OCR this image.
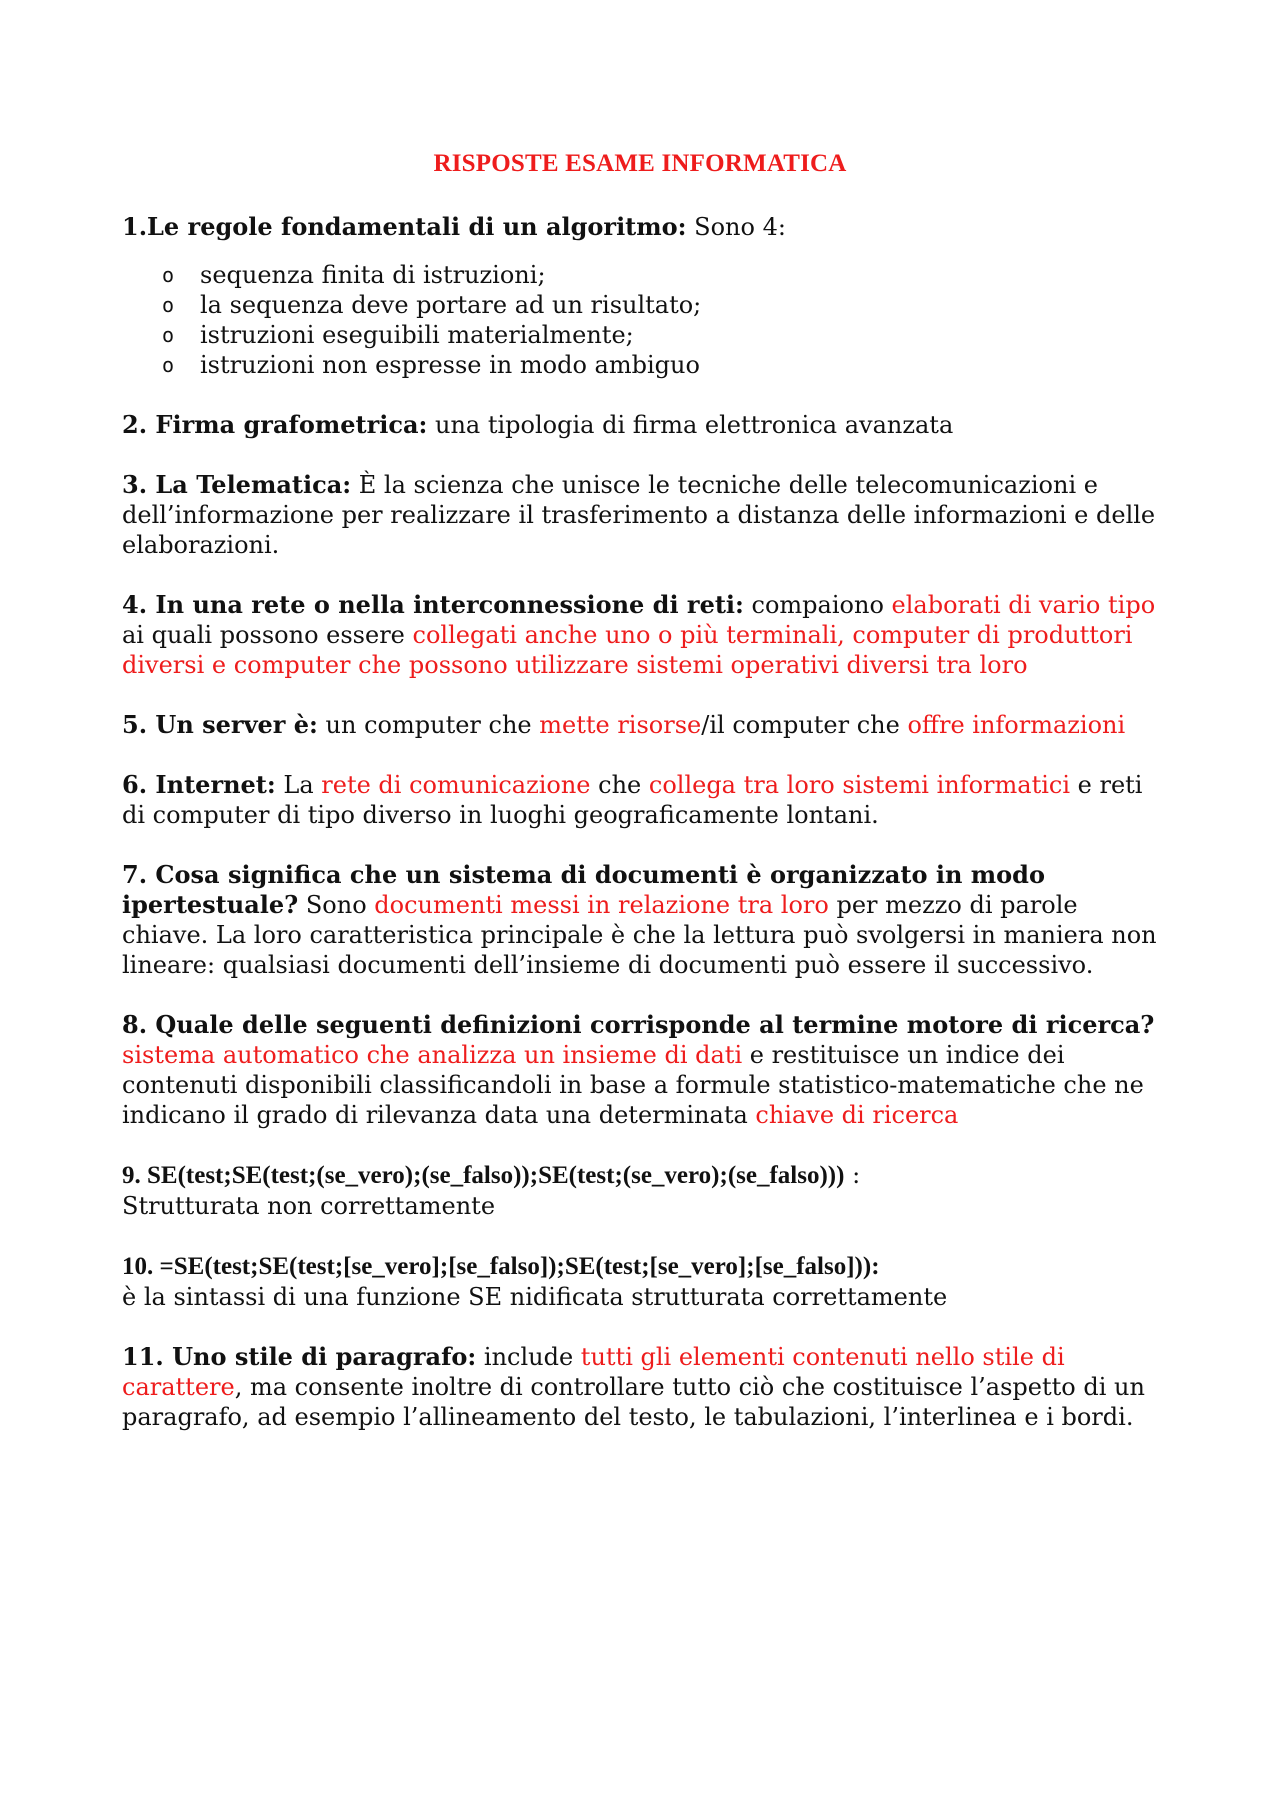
RISPOSTE ESAME INFORMATICA

1.Le regole fondamentali di un algoritmo: Sono 4:

o sequenza finita di istruzioni;
o la sequenza deve portare ad un risultato;
o istruzioni eseguibili materialmente;
o istruzioni non espresse in modo ambiguo

2. Firma grafometrica: una tipologia di firma elettronica avanzata

3. La Telematica: È la scienza che unisce le tecniche delle telecomunicazioni e dell’informazione per realizzare il trasferimento a distanza delle informazioni e delle elaborazioni.

4. In una rete o nella interconnessione di reti: compaiono elaborati di vario tipo ai quali possono essere collegati anche uno o più terminali, computer di produttori diversi e computer che possono utilizzare sistemi operativi diversi tra loro

5. Un server è: un computer che mette risorse/il computer che offre informazioni

6. Internet: La rete di comunicazione che collega tra loro sistemi informatici e reti di computer di tipo diverso in luoghi geograficamente lontani.

7. Cosa significa che un sistema di documenti è organizzato in modo ipertestuale? Sono documenti messi in relazione tra loro per mezzo di parole chiave. La loro caratteristica principale è che la lettura può svolgersi in maniera non lineare: qualsiasi documenti dell’insieme di documenti può essere il successivo.

8. Quale delle seguenti definizioni corrisponde al termine motore di ricerca? sistema automatico che analizza un insieme di dati e restituisce un indice dei contenuti disponibili classificandoli in base a formule statistico-matematiche che ne indicano il grado di rilevanza data una determinata chiave di ricerca

9. SE(test;SE(test;(se_vero);(se_falso));SE(test;(se_vero);(se_falso))) :
Strutturata non correttamente

10. =SE(test;SE(test;[se_vero];[se_falso]);SE(test;[se_vero];[se_falso])):
è la sintassi di una funzione SE nidificata strutturata correttamente

11. Uno stile di paragrafo: include tutti gli elementi contenuti nello stile di carattere, ma consente inoltre di controllare tutto ciò che costituisce l’aspetto di un paragrafo, ad esempio l’allineamento del testo, le tabulazioni, l’interlinea e i bordi.
